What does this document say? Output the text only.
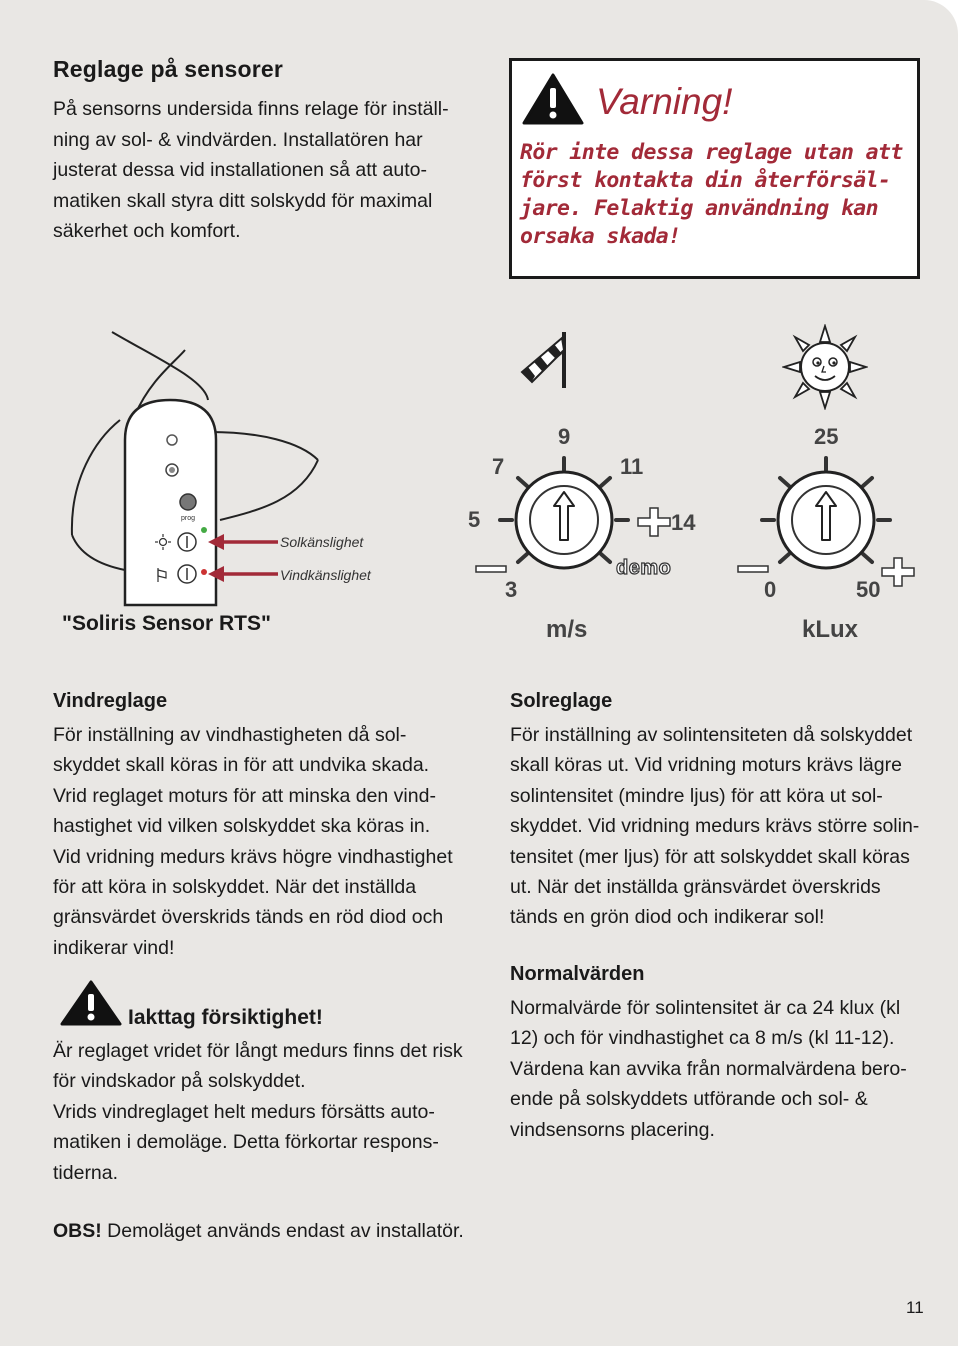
Reglage på sensorer
På sensorns undersida finns relage för inställ-
ning av sol- & vindvärden. Installatören har
justerat dessa vid installationen så att auto-
matiken skall styra ditt solskydd för maximal
säkerhet och komfort.
Varning!
Rör inte dessa reglage utan att
först kontakta din återförsäl-
jare. Felaktig användning kan
orsaka skada!
prog
Solkänslighet
Vindkänslighet
"Soliris Sensor RTS"
9
7	11
5	14
3
demo
m/s
25
0	50
kLux
Vindreglage
För inställning av vindhastigheten då sol-
skyddet skall köras in för att undvika skada.
Vrid reglaget moturs för att minska den vind-
hastighet vid vilken solskyddet ska köras in.
Vid vridning medurs krävs högre vindhastighet
för att köra in solskyddet. När det inställda
gränsvärdet överskrids tänds en röd diod och
indikerar vind!
Iakttag försiktighet!
Är reglaget vridet för långt medurs finns det risk
för vindskador på solskyddet.
Vrids vindreglaget helt medurs försätts auto-
matiken i demoläge. Detta förkortar respons-
tiderna.
Solreglage
För inställning av solintensiteten då solskyddet
skall köras ut. Vid vridning moturs krävs lägre
solintensitet (mindre ljus) för att köra ut sol-
skyddet. Vid vridning medurs krävs större solin-
tensitet (mer ljus) för att solskyddet skall köras
ut. När det inställda gränsvärdet överskrids
tänds en grön diod och indikerar sol!
Normalvärden
Normalvärde för solintensitet är ca 24 klux (kl
12) och för vindhastighet ca 8 m/s (kl 11-12).
Värdena kan avvika från normalvärdena bero-
ende på solskyddets utförande och sol- &
vindsensorns placering.
OBS! Demoläget används endast av installatör.
11
